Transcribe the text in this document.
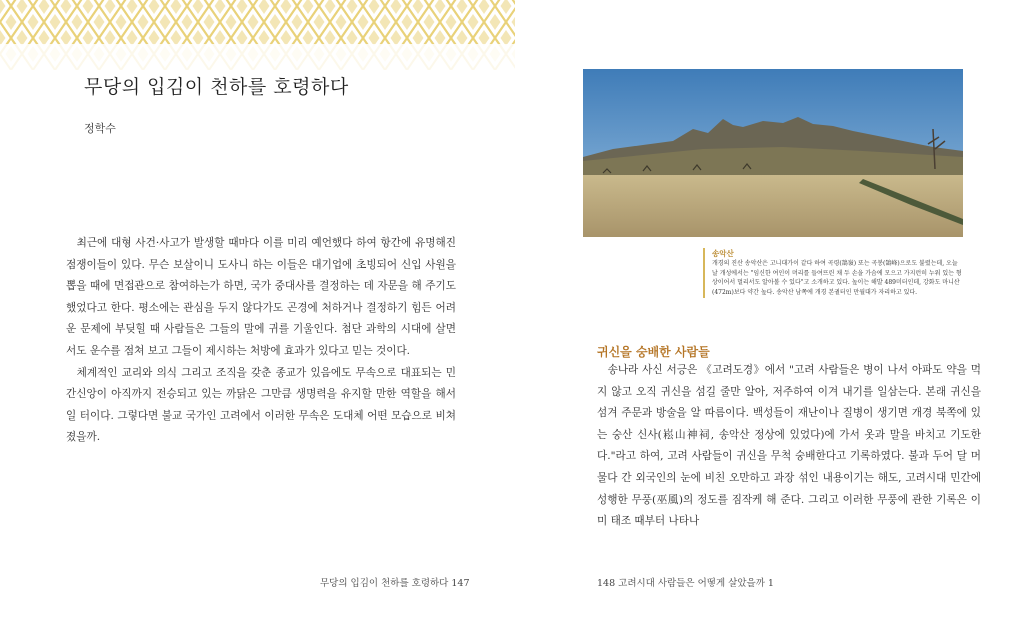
무당의 입김이 천하를 호령하다
정학수

최근에 대형 사건·사고가 발생할 때마다 이를 미리 예언했다 하여 항간에 유명해진 점쟁이들이 있다. 무슨 보살이니 도사니 하는 이들은 대기업에 초빙되어 신입 사원을 뽑을 때에 면접관으로 참여하는가 하면, 국가 중대사를 결정하는 데 자문을 해 주기도 했었다고 한다. 평소에는 관심을 두지 않다가도 곤경에 처하거나 결정하기 힘든 어려운 문제에 부딪힐 때 사람들은 그들의 말에 귀를 기울인다. 첨단 과학의 시대에 살면서도 운수를 점쳐 보고 그들이 제시하는 처방에 효과가 있다고 믿는 것이다.

체계적인 교리와 의식 그리고 조직을 갖춘 종교가 있음에도 무속으로 대표되는 민간신앙이 아직까지 전승되고 있는 까닭은 그만큼 생명력을 유지할 만한 역할을 해서일 터이다. 그렇다면 불교 국가인 고려에서 이러한 무속은 도대체 어떤 모습으로 비쳐졌을까.

무당의 입김이 천하를 호령하다 147
송악산
개경의 진산 송악산은 고니대가이 같다 하여 곡령(鵠嶺) 또는 곡봉(鵠峰)으로도 불렸는데, 오늘날 개성에서는 "임신한 여인이 머리를 들여뜨린 채 두 손을 가슴에 모으고 가지런히 누워 있는 형상이어서 멀리서도 알아볼 수 있다"고 소개하고 있다. 높이는 해발 489미터인데, 강화도 마니산(472m)보다 약간 높다. 송악산 남쪽에 개경 본궐터인 만월대가 자리하고 있다.
귀신을 숭배한 사람들

송나라 사신 서긍은 《고려도경》에서 "고려 사람들은 병이 나서 아파도 약을 먹지 않고 오직 귀신을 섬길 줄만 알아, 저주하여 이겨 내기를 일삼는다. 본래 귀신을 섬겨 주문과 방술을 알 따름이다. 백성들이 재난이나 질병이 생기면 개경 북쪽에 있는 숭산 신사(崧山神祠, 송악산 정상에 있었다)에 가서 옷과 말을 바치고 기도한다."라고 하여, 고려 사람들이 귀신을 무척 숭배한다고 기록하였다. 불과 두어 달 머물다 간 외국인의 눈에 비친 오만하고 과장 섞인 내용이기는 해도, 고려시대 민간에 성행한 무풍(巫風)의 정도를 짐작케 해 준다. 그리고 이러한 무풍에 관한 기록은 이미 태조 때부터 나타나

148 고려시대 사람들은 어떻게 살았을까 1
